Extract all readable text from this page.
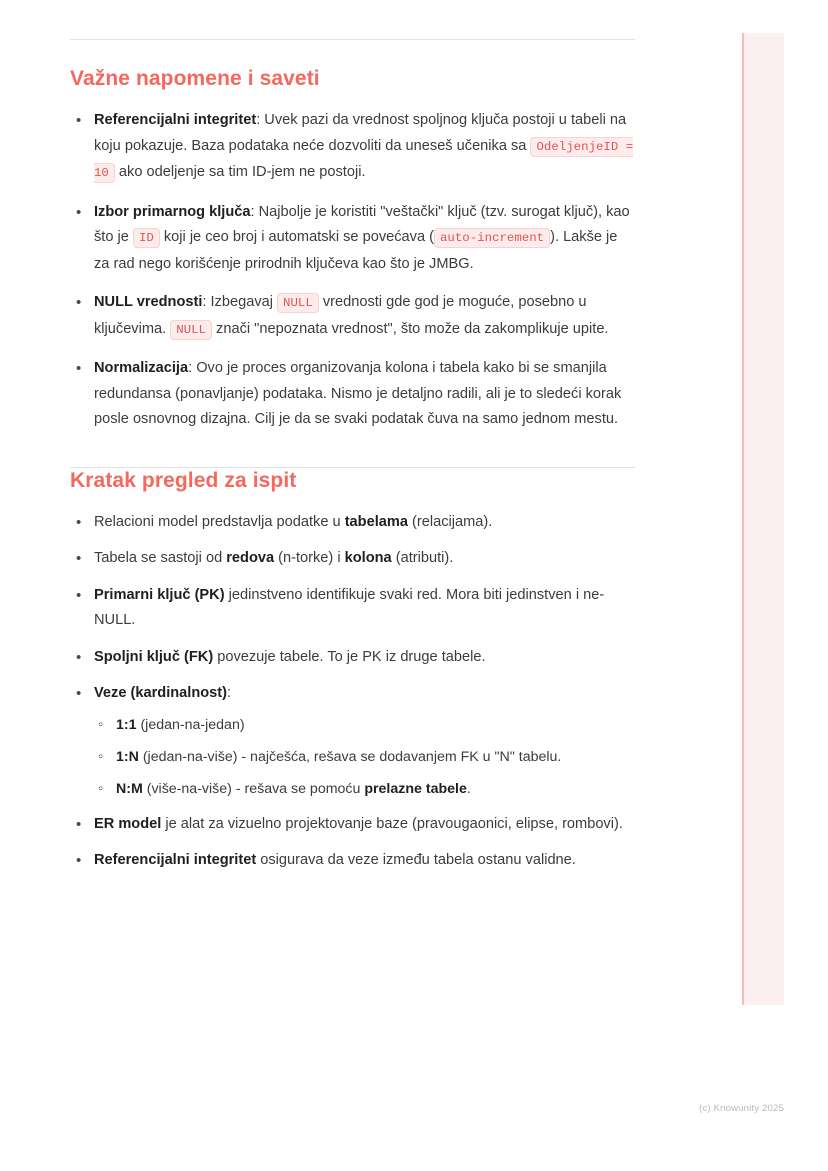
Važne napomene i saveti
• Referencijalni integritet: Uvek pazi da vrednost spoljnog ključa postoji u tabeli na koju pokazuje. Baza podataka neće dozvoliti da uneseš učenika sa OdeljenjeID = 10 ako odeljenje sa tim ID-jem ne postoji.
• Izbor primarnog ključa: Najbolje je koristiti "veštački" ključ (tzv. surogat ključ), kao što je ID koji je ceo broj i automatski se povećava ( auto-increment ). Lakše je za rad nego korišćenje prirodnih ključeva kao što je JMBG.
• NULL vrednosti: Izbegavaj NULL vrednosti gde god je moguće, posebno u ključevima. NULL znači "nepoznata vrednost", što može da zakomplikuje upite.
• Normalizacija: Ovo je proces organizovanja kolona i tabela kako bi se smanjila redundansa (ponavljanje) podataka. Nismo je detaljno radili, ali je to sledeći korak posle osnovnog dizajna. Cilj je da se svaki podatak čuva na samo jednom mestu.
Kratak pregled za ispit
• Relacioni model predstavlja podatke u tabelama (relacijama).
• Tabela se sastoji od redova (n-torke) i kolona (atributi).
• Primarni ključ (PK) jedinstveno identifikuje svaki red. Mora biti jedinstven i ne-NULL.
• Spoljni ključ (FK) povezuje tabele. To je PK iz druge tabele.
• Veze (kardinalnost):
◦ 1:1 (jedan-na-jedan)
◦ 1:N (jedan-na-više) - najčešća, rešava se dodavanjem FK u "N" tabelu.
◦ N:M (više-na-više) - rešava se pomoću prelazne tabele.
• ER model je alat za vizuelno projektovanje baze (pravougaonici, elipse, rombovi).
• Referencijalni integritet osigurava da veze između tabela ostanu validne.
(c) Knowunity 2025
